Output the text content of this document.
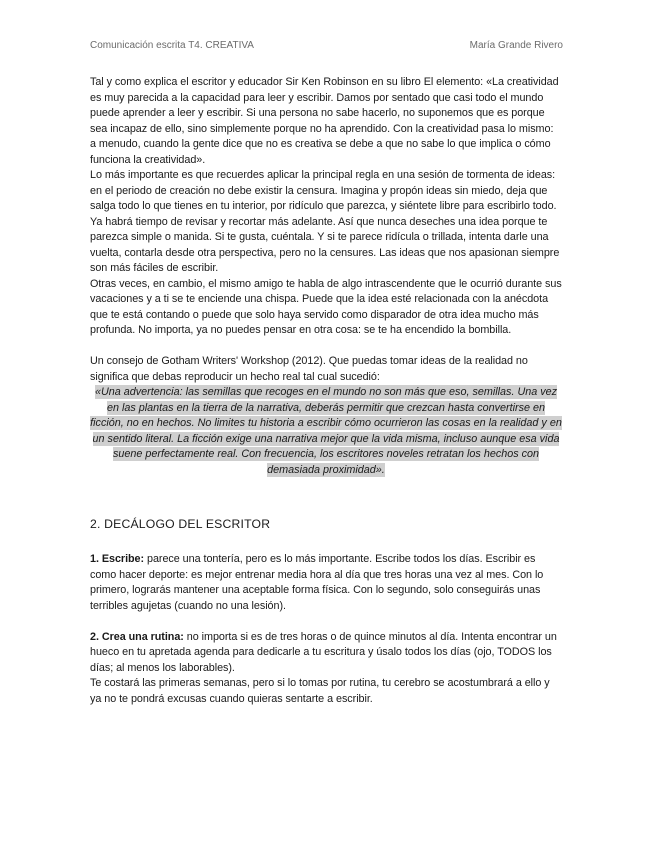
Comunicación escrita T4. CREATIVA	María Grande Rivero

Tal y como explica el escritor y educador Sir Ken Robinson en su libro El elemento: «La creatividad es muy parecida a la capacidad para leer y escribir. Damos por sentado que casi todo el mundo puede aprender a leer y escribir. Si una persona no sabe hacerlo, no suponemos que es porque sea incapaz de ello, sino simplemente porque no ha aprendido. Con la creatividad pasa lo mismo: a menudo, cuando la gente dice que no es creativa se debe a que no sabe lo que implica o cómo funciona la creatividad».

Lo más importante es que recuerdes aplicar la principal regla en una sesión de tormenta de ideas: en el periodo de creación no debe existir la censura. Imagina y propón ideas sin miedo, deja que salga todo lo que tienes en tu interior, por ridículo que parezca, y siéntete libre para escribirlo todo. Ya habrá tiempo de revisar y recortar más adelante. Así que nunca deseches una idea porque te parezca simple o manida. Si te gusta, cuéntala. Y si te parece ridícula o trillada, intenta darle una vuelta, contarla desde otra perspectiva, pero no la censures. Las ideas que nos apasionan siempre son más fáciles de escribir.

Otras veces, en cambio, el mismo amigo te habla de algo intrascendente que le ocurrió durante sus vacaciones y a ti se te enciende una chispa. Puede que la idea esté relacionada con la anécdota que te está contando o puede que solo haya servido como disparador de otra idea mucho más profunda. No importa, ya no puedes pensar en otra cosa: se te ha encendido la bombilla.

Un consejo de Gotham Writers' Workshop (2012). Que puedas tomar ideas de la realidad no significa que debas reproducir un hecho real tal cual sucedió:

«Una advertencia: las semillas que recoges en el mundo no son más que eso, semillas. Una vez en las plantas en la tierra de la narrativa, deberás permitir que crezcan hasta convertirse en ficción, no en hechos. No limites tu historia a escribir cómo ocurrieron las cosas en la realidad y en un sentido literal. La ficción exige una narrativa mejor que la vida misma, incluso aunque esa vida suene perfectamente real. Con frecuencia, los escritores noveles retratan los hechos con demasiada proximidad».

2. DECÁLOGO DEL ESCRITOR

1. Escribe: parece una tontería, pero es lo más importante. Escribe todos los días. Escribir es como hacer deporte: es mejor entrenar media hora al día que tres horas una vez al mes. Con lo primero, lograrás mantener una aceptable forma física. Con lo segundo, solo conseguirás unas terribles agujetas (cuando no una lesión).

2. Crea una rutina: no importa si es de tres horas o de quince minutos al día. Intenta encontrar un hueco en tu apretada agenda para dedicarle a tu escritura y úsalo todos los días (ojo, TODOS los días; al menos los laborables).

Te costará las primeras semanas, pero si lo tomas por rutina, tu cerebro se acostumbrará a ello y ya no te pondrá excusas cuando quieras sentarte a escribir.
